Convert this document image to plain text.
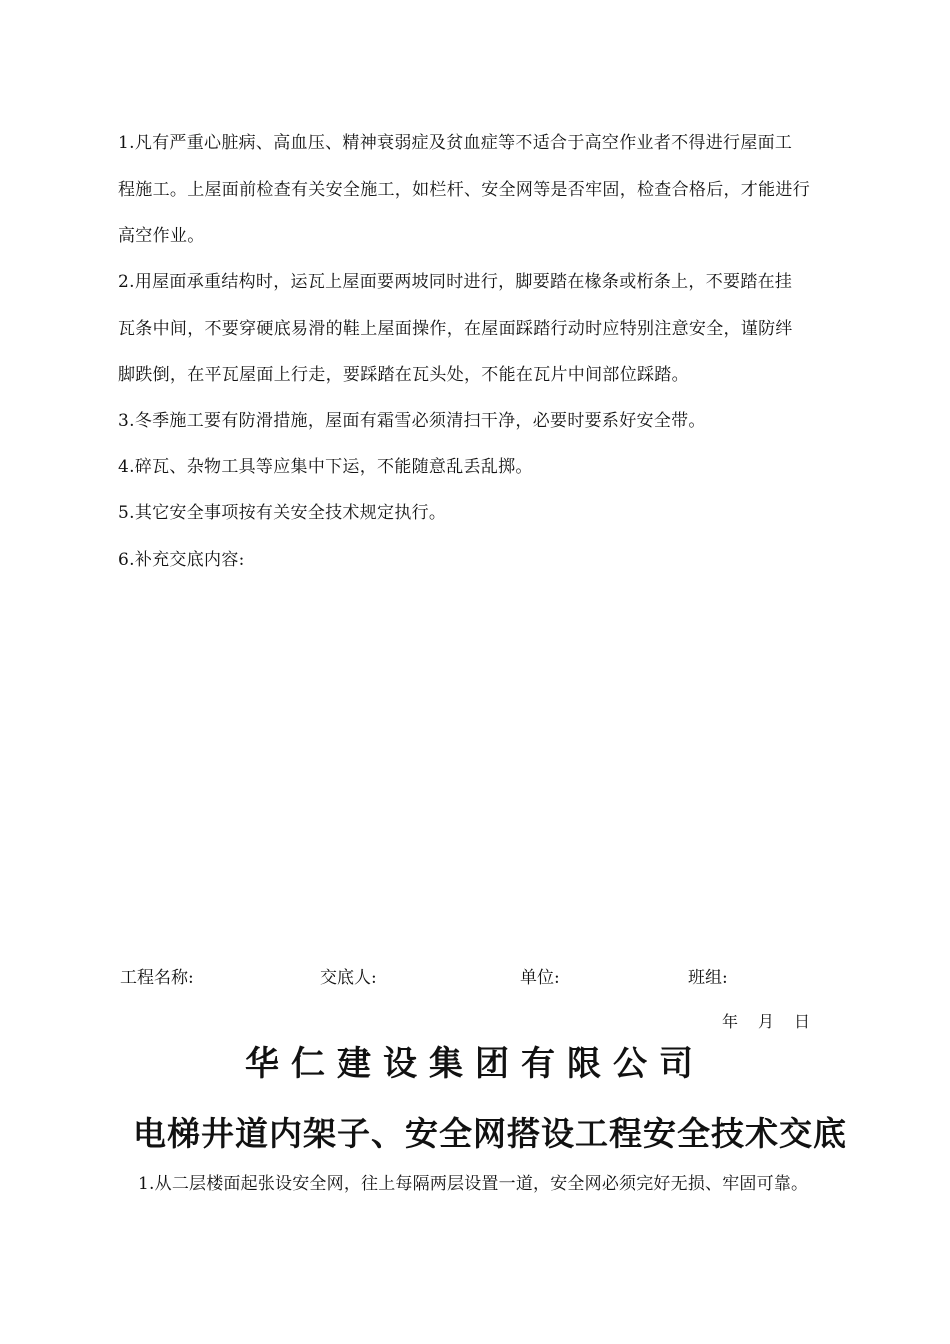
1.凡有严重心脏病、高血压、精神衰弱症及贫血症等不适合于高空作业者不得进行屋面工
程施工。上屋面前检查有关安全施工，如栏杆、安全网等是否牢固，检查合格后，才能进行
高空作业。
2.用屋面承重结构时，运瓦上屋面要两坡同时进行，脚要踏在椽条或桁条上，不要踏在挂
瓦条中间，不要穿硬底易滑的鞋上屋面操作，在屋面踩踏行动时应特别注意安全，谨防绊
脚跌倒，在平瓦屋面上行走，要踩踏在瓦头处，不能在瓦片中间部位踩踏。
3.冬季施工要有防滑措施，屋面有霜雪必须清扫干净，必要时要系好安全带。
4.碎瓦、杂物工具等应集中下运，不能随意乱丢乱掷。
5.其它安全事项按有关安全技术规定执行。
6.补充交底内容:
工程名称:	交底人:	单位:	班组:
年 月 日
华仁建设集团有限公司
电梯井道内架子、安全网搭设工程安全技术交底
1.从二层楼面起张设安全网，往上每隔两层设置一道，安全网必须完好无损、牢固可靠。
